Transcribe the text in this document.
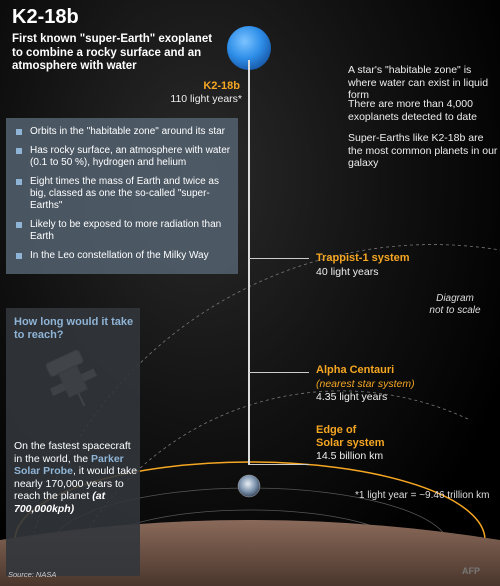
K2-18b
First known "super-Earth" exoplanet to combine a rocky surface and an atmosphere with water
K2-18b
110 light years*
A star's "habitable zone" is where water can exist in liquid form
There are more than 4,000 exoplanets detected to date
Super-Earths like K2-18b are the most common planets in our galaxy
Orbits in the "habitable zone" around its star
Has rocky surface, an atmosphere with water (0.1 to 50 %), hydrogen and helium
Eight times the mass of Earth and twice as big, classed as one the so-called "super-Earths"
Likely to be exposed to more radiation than Earth
In the Leo constellation of the Milky Way	Trappist-1 system
40 light years
Diagram
not to scale
Alpha Centauri
(nearest star system)
4.35 light years
Edge of
Solar system
14.5 billion km
How long would it take to reach?
On the fastest spacecraft in the world, the Parker Solar Probe, it would take nearly 170,000 years to reach the planet (at 700,000kph)
*1 light year = ~9.46 trillion km
Source: NASA	AFP
